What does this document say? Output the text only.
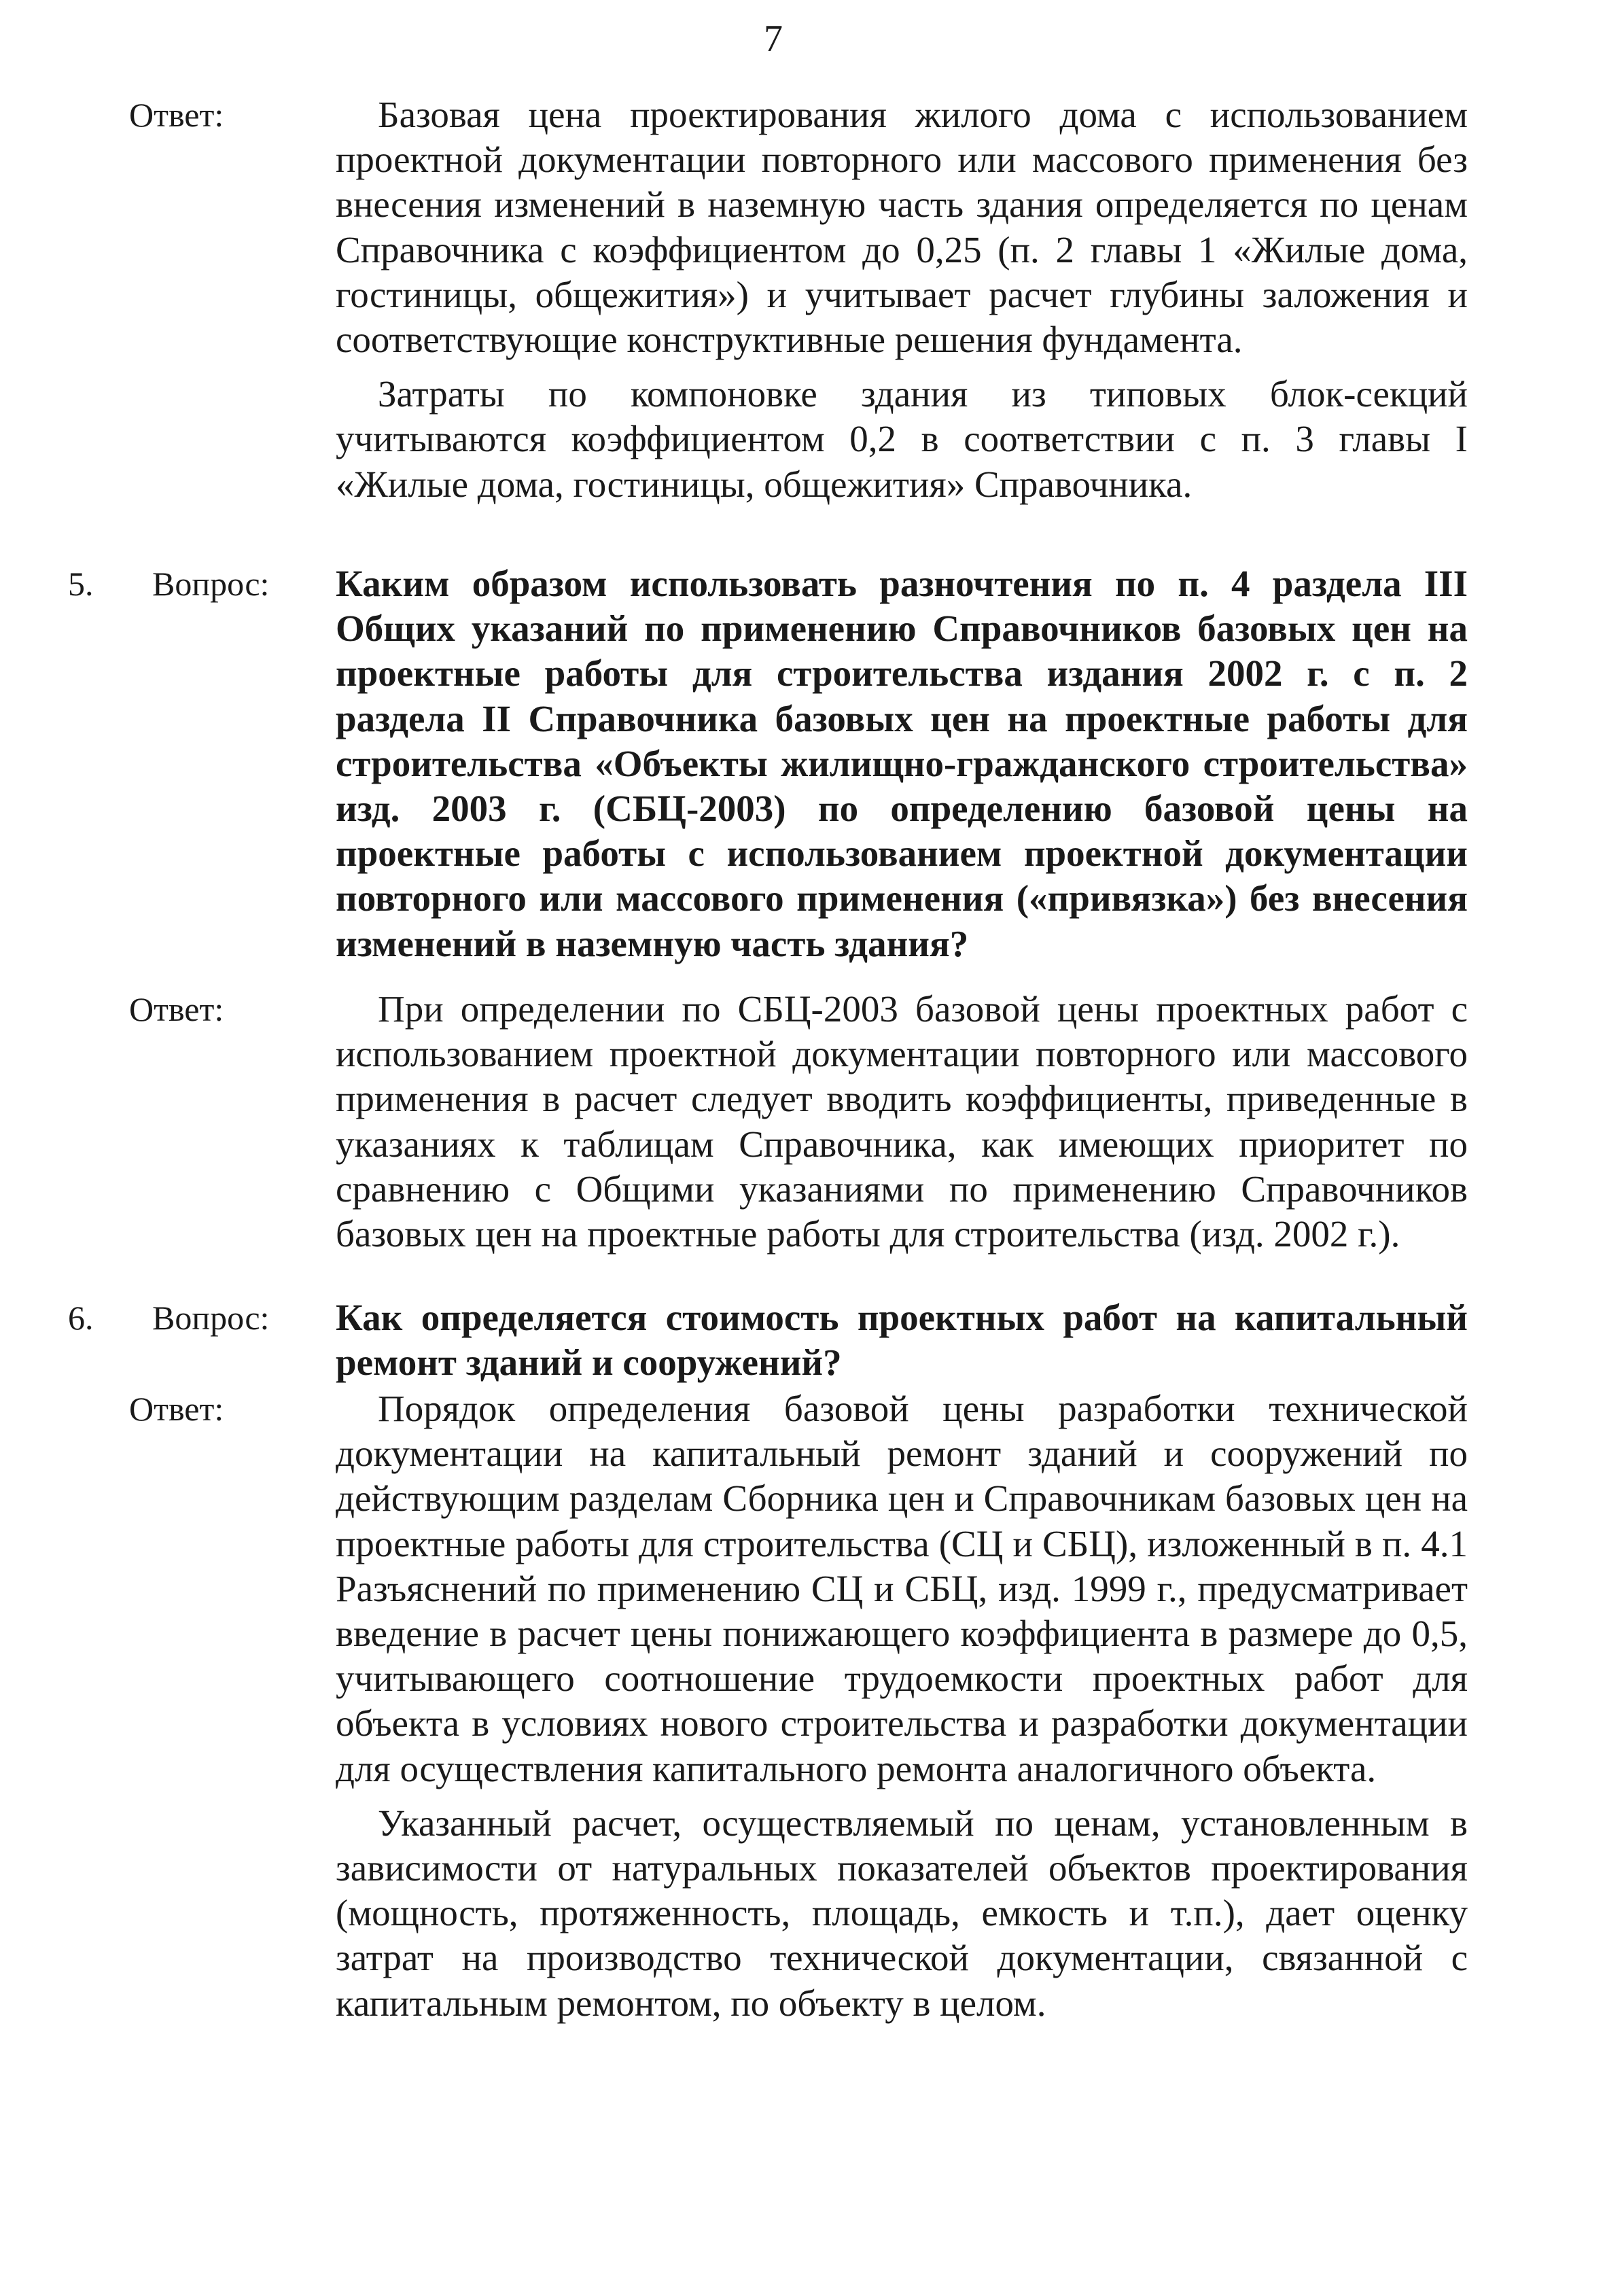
7
Ответ:	Базовая цена проектирования жилого дома с использованием проектной документации повторного или массового применения без внесения изменений в наземную часть здания определяется по ценам Справочника с коэффициентом до 0,25 (п. 2 главы 1 «Жилые дома, гостиницы, общежития») и учитывает расчет глубины заложения и соответствующие конструктивные решения фундамента.

Затраты по компоновке здания из типовых блок-секций учитываются коэффициентом 0,2 в соответствии с п. 3 главы I «Жилые дома, гостиницы, общежития» Справочника.

5. Вопрос: Каким образом использовать разночтения по п. 4 раздела III Общих указаний по применению Справочников базовых цен на проектные работы для строительства издания 2002 г. с п. 2 раздела II Справочника базовых цен на проектные работы для строительства «Объекты жилищно-гражданского строительства» изд. 2003 г. (СБЦ-2003) по определению базовой цены на проектные работы с использованием проектной документации повторного или массового применения («привязка») без внесения изменений в наземную часть здания?

Ответ:	При определении по СБЦ-2003 базовой цены проектных работ с использованием проектной документации повторного или массового применения в расчет следует вводить коэффициенты, приведенные в указаниях к таблицам Справочника, как имеющих приоритет по сравнению с Общими указаниями по применению Справочников базовых цен на проектные работы для строительства (изд. 2002 г.).

6. Вопрос: Как определяется стоимость проектных работ на капитальный ремонт зданий и сооружений?

Ответ:	Порядок определения базовой цены разработки технической документации на капитальный ремонт зданий и сооружений по действующим разделам Сборника цен и Справочникам базовых цен на проектные работы для строительства (СЦ и СБЦ), изложенный в п. 4.1 Разъяснений по применению СЦ и СБЦ, изд. 1999 г., предусматривает введение в расчет цены понижающего коэффициента в размере до 0,5, учитывающего соотношение трудоемкости проектных работ для объекта в условиях нового строительства и разработки документации для осуществления капитального ремонта аналогичного объекта.

Указанный расчет, осуществляемый по ценам, установленным в зависимости от натуральных показателей объектов проектирования (мощность, протяженность, площадь, емкость и т.п.), дает оценку затрат на производство технической документации, связанной с капитальным ремонтом, по объекту в целом.
